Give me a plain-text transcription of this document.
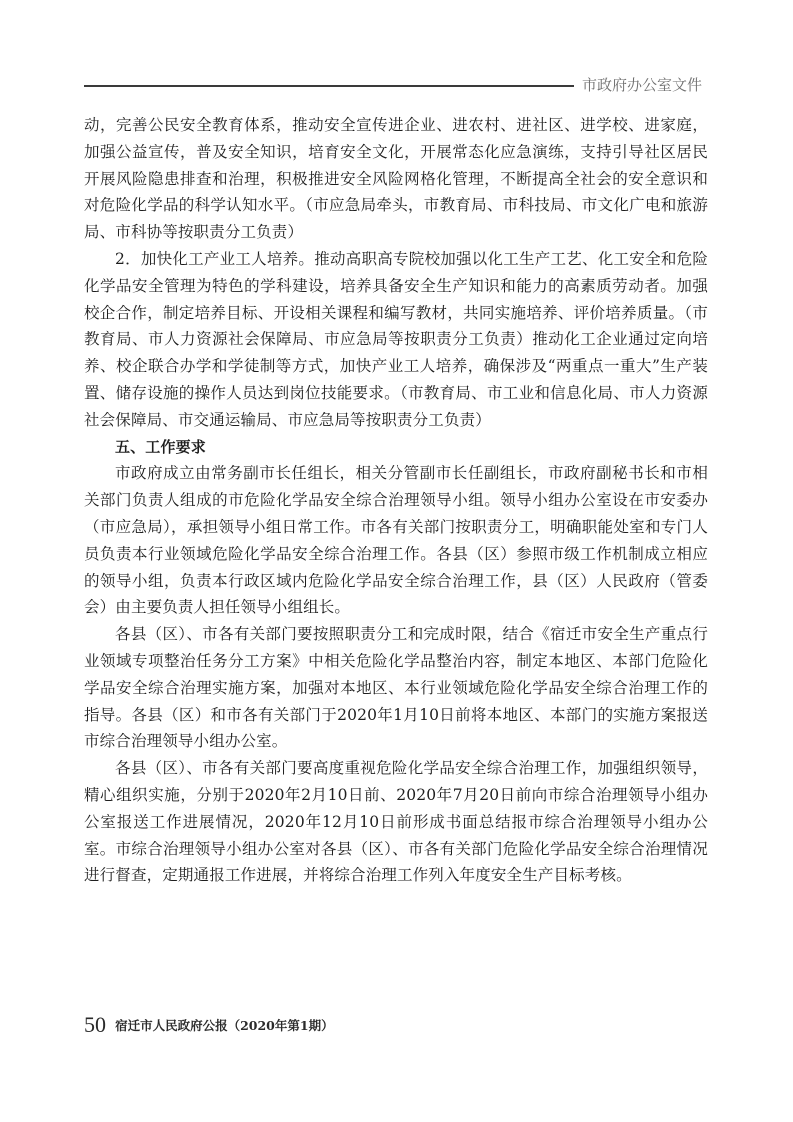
市政府办公室文件

动，完善公民安全教育体系，推动安全宣传进企业、进农村、进社区、进学校、进家庭，加强公益宣传，普及安全知识，培育安全文化，开展常态化应急演练，支持引导社区居民开展风险隐患排查和治理，积极推进安全风险网格化管理，不断提高全社会的安全意识和对危险化学品的科学认知水平。（市应急局牵头，市教育局、市科技局、市文化广电和旅游局、市科协等按职责分工负责）

2．加快化工产业工人培养。推动高职高专院校加强以化工生产工艺、化工安全和危险化学品安全管理为特色的学科建设，培养具备安全生产知识和能力的高素质劳动者。加强校企合作，制定培养目标、开设相关课程和编写教材，共同实施培养、评价培养质量。（市教育局、市人力资源社会保障局、市应急局等按职责分工负责）推动化工企业通过定向培养、校企联合办学和学徒制等方式，加快产业工人培养，确保涉及“两重点一重大”生产装置、储存设施的操作人员达到岗位技能要求。（市教育局、市工业和信息化局、市人力资源社会保障局、市交通运输局、市应急局等按职责分工负责）

五、工作要求

市政府成立由常务副市长任组长，相关分管副市长任副组长，市政府副秘书长和市相关部门负责人组成的市危险化学品安全综合治理领导小组。领导小组办公室设在市安委办（市应急局），承担领导小组日常工作。市各有关部门按职责分工，明确职能处室和专门人员负责本行业领域危险化学品安全综合治理工作。各县（区）参照市级工作机制成立相应的领导小组，负责本行政区域内危险化学品安全综合治理工作，县（区）人民政府（管委会）由主要负责人担任领导小组组长。

各县（区）、市各有关部门要按照职责分工和完成时限，结合《宿迁市安全生产重点行业领域专项整治任务分工方案》中相关危险化学品整治内容，制定本地区、本部门危险化学品安全综合治理实施方案，加强对本地区、本行业领域危险化学品安全综合治理工作的指导。各县（区）和市各有关部门于2020年1月10日前将本地区、本部门的实施方案报送市综合治理领导小组办公室。

各县（区）、市各有关部门要高度重视危险化学品安全综合治理工作，加强组织领导，精心组织实施，分别于2020年2月10日前、2020年7月20日前向市综合治理领导小组办公室报送工作进展情况，2020年12月10日前形成书面总结报市综合治理领导小组办公室。市综合治理领导小组办公室对各县（区）、市各有关部门危险化学品安全综合治理情况进行督查，定期通报工作进展，并将综合治理工作列入年度安全生产目标考核。

50 宿迁市人民政府公报（2020年第1期）
